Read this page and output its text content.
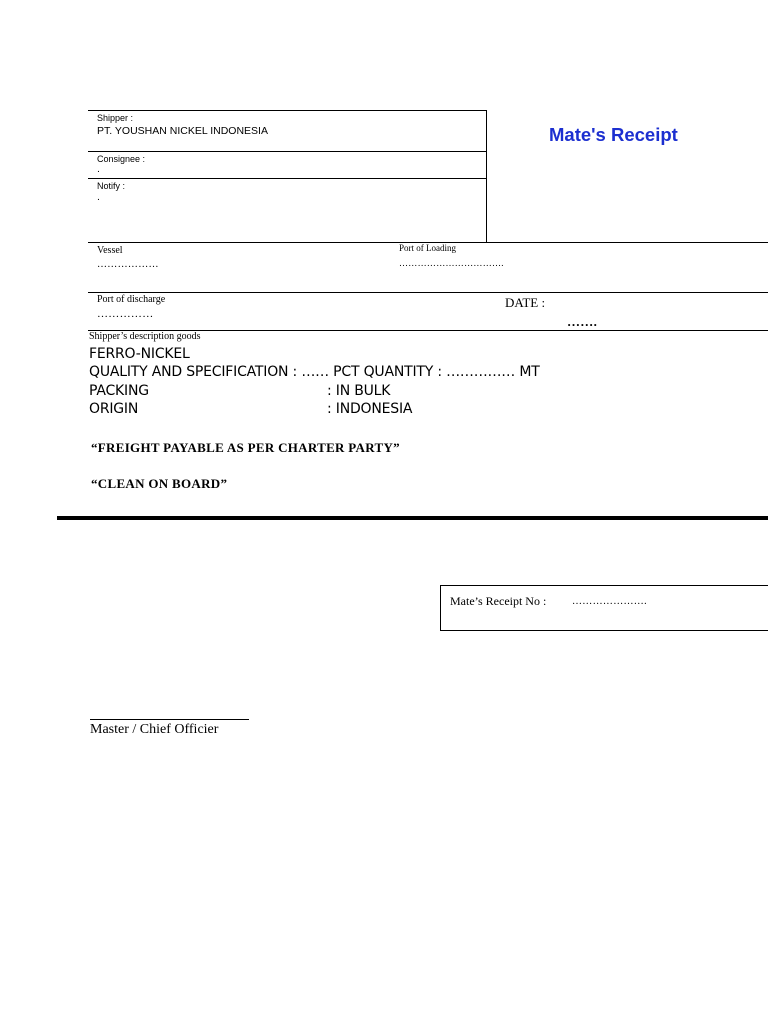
Mate's Receipt
Shipper :
PT. YOUSHAN NICKEL INDONESIA
Consignee :
.
Notify :
.
Vessel
………………
Port of Loading
…………………………….
Port of discharge
……………
DATE :
…….
Shipper’s description goods
FERRO-NICKEL
QUALITY AND SPECIFICATION : …… PCT QUANTITY : …………… MT
PACKING	: IN BULK
ORIGIN	: INDONESIA
“FREIGHT PAYABLE AS PER CHARTER PARTY”
“CLEAN ON BOARD”
Mate’s Receipt No :	………………….
Master / Chief Officier
